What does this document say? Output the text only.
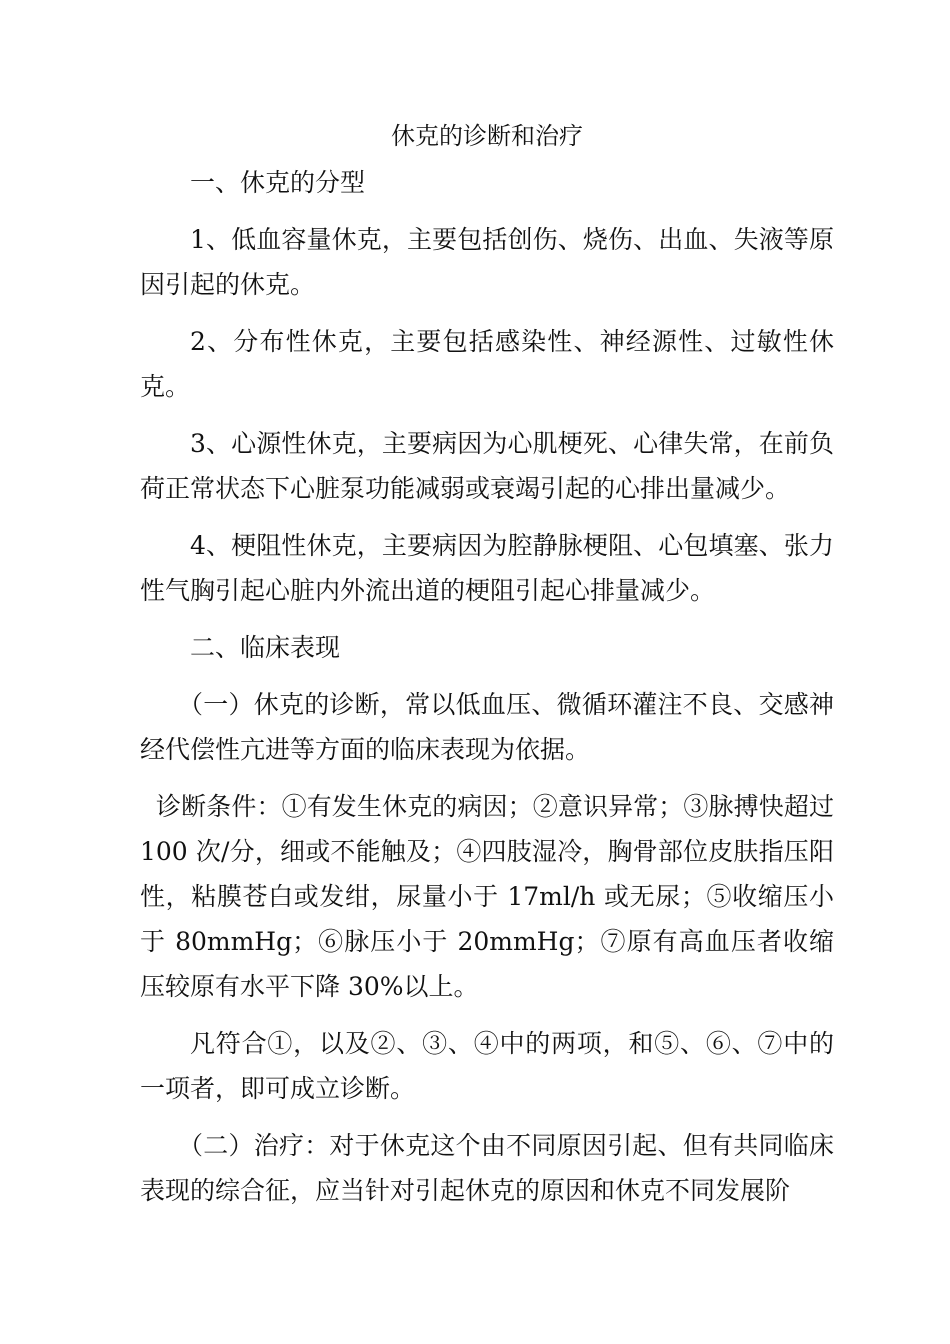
休克的诊断和治疗

一、休克的分型

1、低血容量休克，主要包括创伤、烧伤、出血、失液等原因引起的休克。

2、分布性休克，主要包括感染性、神经源性、过敏性休克。

3、心源性休克，主要病因为心肌梗死、心律失常，在前负荷正常状态下心脏泵功能减弱或衰竭引起的心排出量减少。

4、梗阻性休克，主要病因为腔静脉梗阻、心包填塞、张力性气胸引起心脏内外流出道的梗阻引起心排量减少。

二、临床表现

（一）休克的诊断，常以低血压、微循环灌注不良、交感神经代偿性亢进等方面的临床表现为依据。

诊断条件：①有发生休克的病因；②意识异常；③脉搏快超过 100 次/分，细或不能触及；④四肢湿冷，胸骨部位皮肤指压阳性，粘膜苍白或发绀，尿量小于 17ml/h 或无尿；⑤收缩压小于 80mmHg；⑥脉压小于 20mmHg；⑦原有高血压者收缩压较原有水平下降 30%以上。

凡符合①，以及②、③、④中的两项，和⑤、⑥、⑦中的一项者，即可成立诊断。

（二）治疗：对于休克这个由不同原因引起、但有共同临床表现的综合征，应当针对引起休克的原因和休克不同发展阶
